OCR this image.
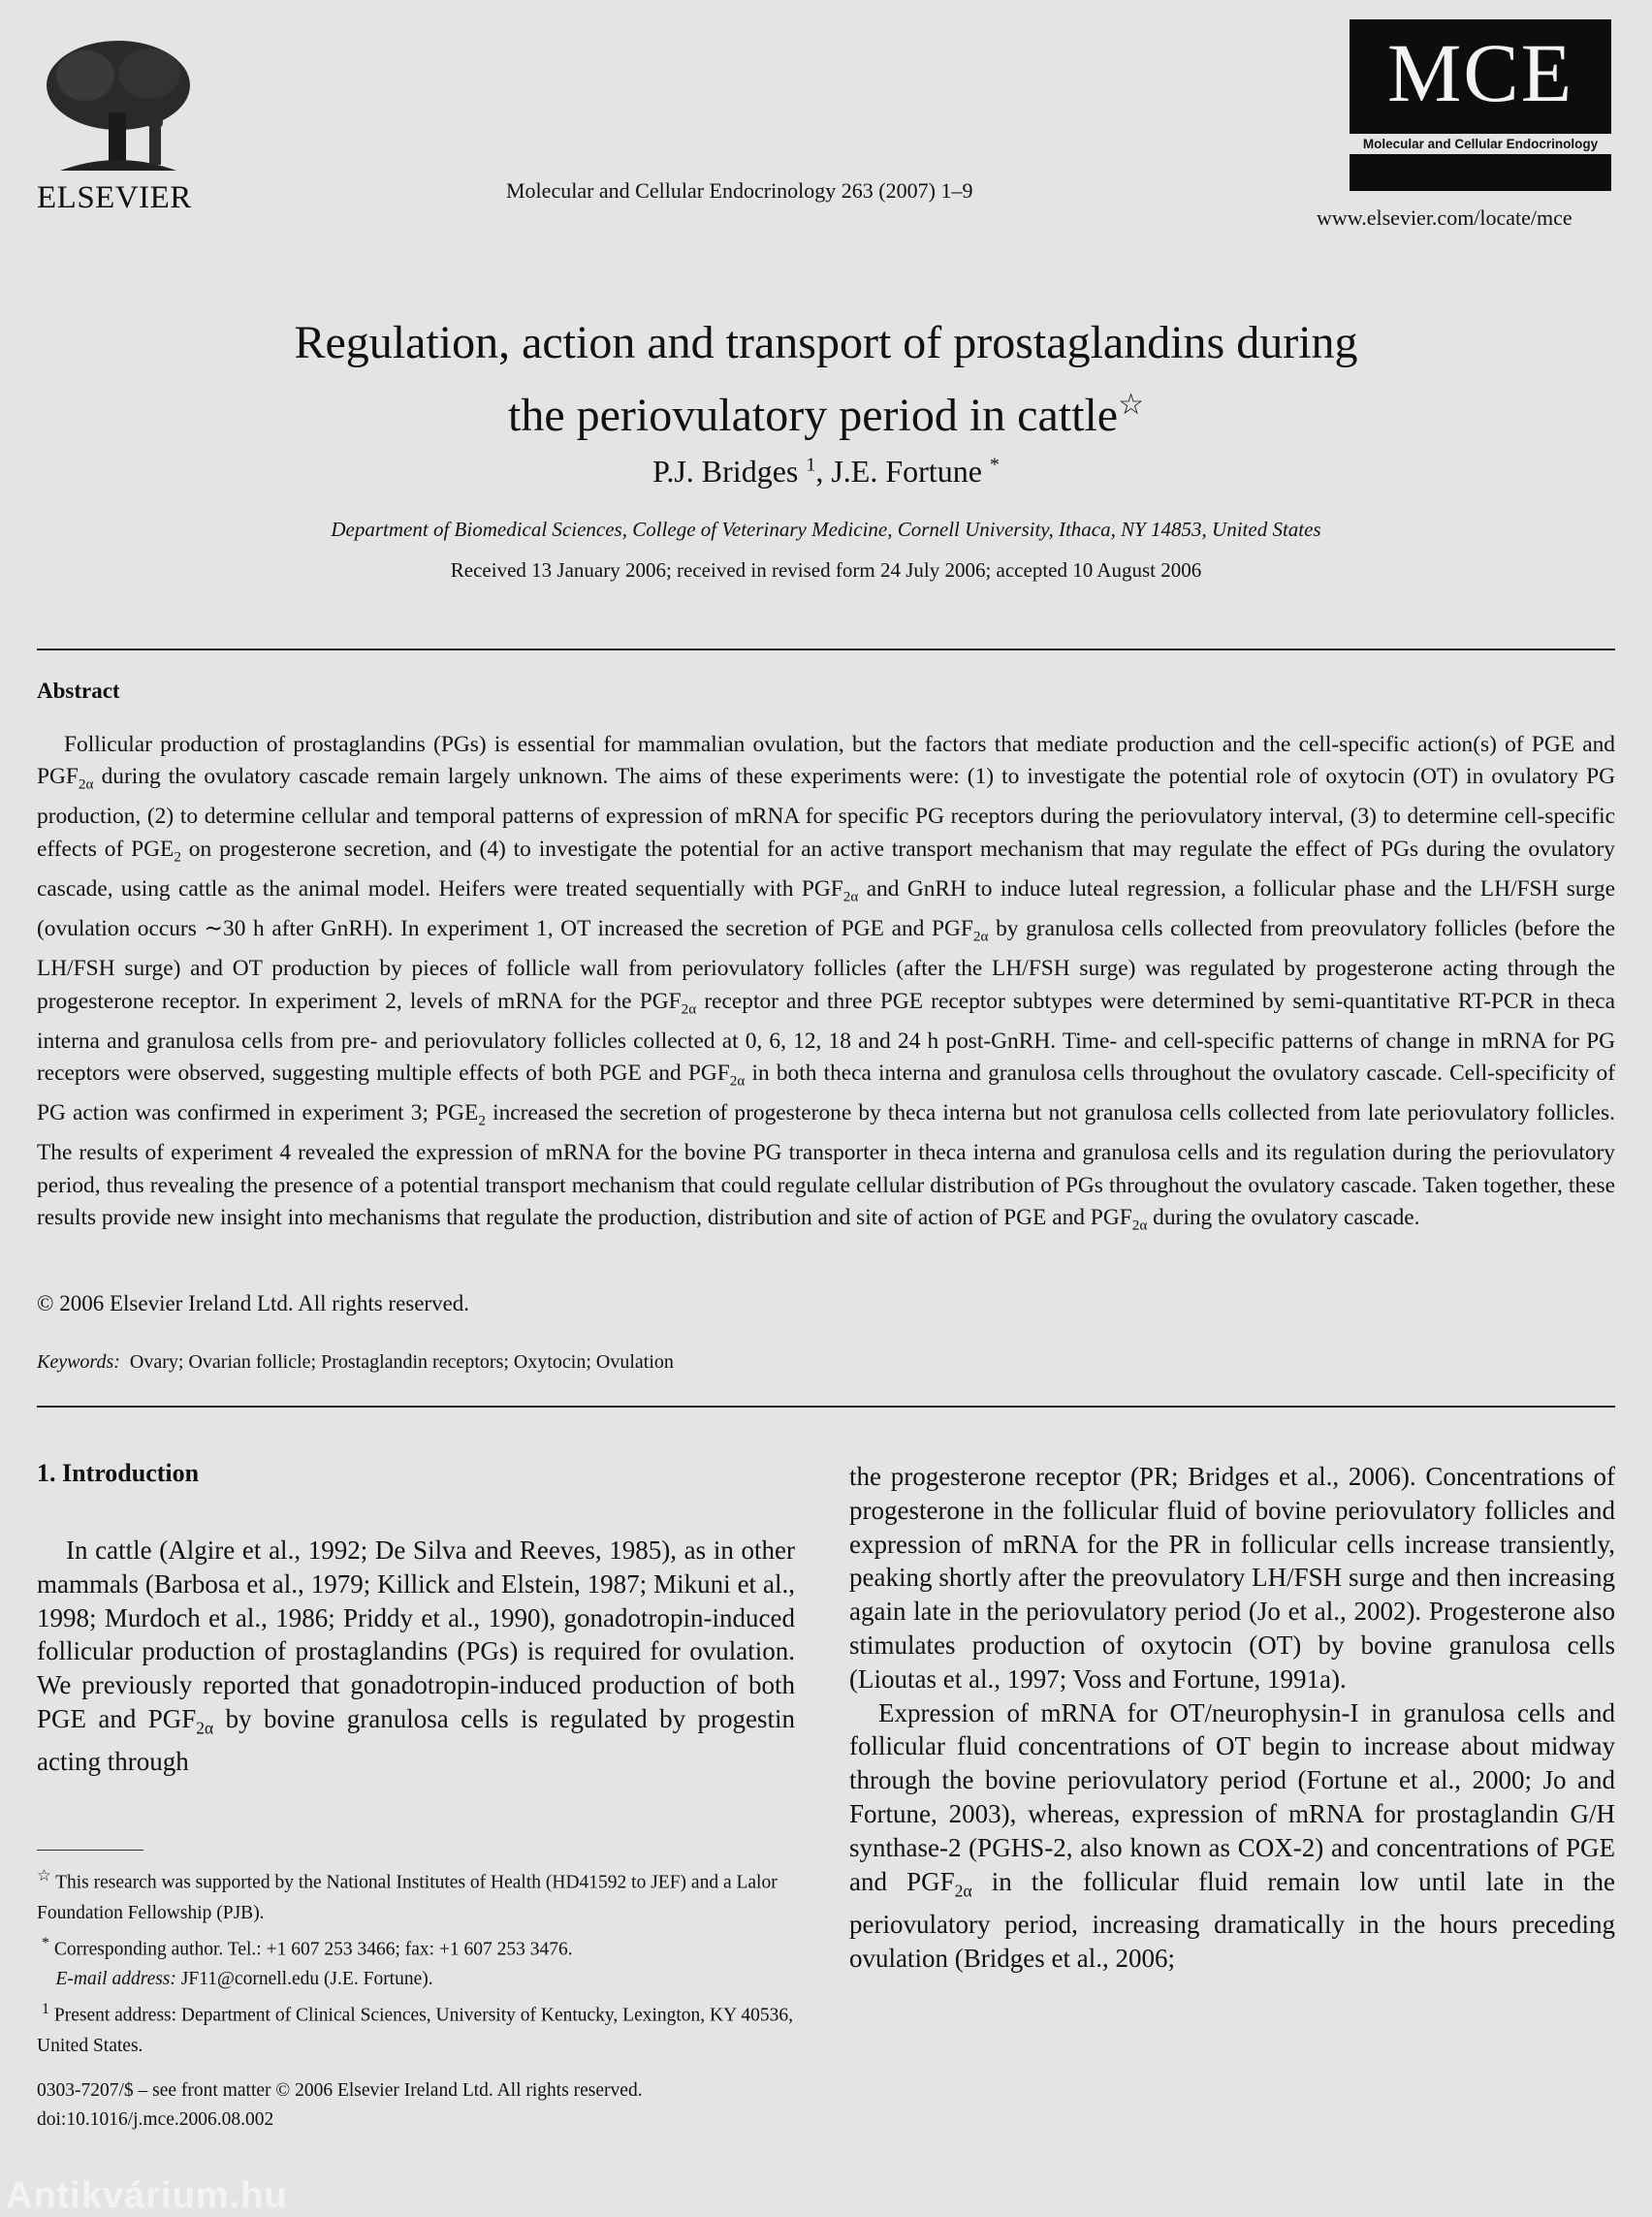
ELSEVIER	Molecular and Cellular Endocrinology 263 (2007) 1–9
MCE
Molecular and Cellular Endocrinology
www.elsevier.com/locate/mce
Regulation, action and transport of prostaglandins during
the periovulatory period in cattle☆
P.J. Bridges $^1$, J.E. Fortune *
Department of Biomedical Sciences, College of Veterinary Medicine, Cornell University, Ithaca, NY 14853, United States
Received 13 January 2006; received in revised form 24 July 2006; accepted 10 August 2006
Abstract

Follicular production of prostaglandins (PGs) is essential for mammalian ovulation, but the factors that mediate production and the cell-specific action(s) of PGE and $PGF_{2\alpha}$ during the ovulatory cascade remain largely unknown. The aims of these experiments were: (1) to investigate the potential role of oxytocin (OT) in ovulatory PG production, (2) to determine cellular and temporal patterns of expression of mRNA for specific PG receptors during the periovulatory interval, (3) to determine cell-specific effects of $PGE_2$ on progesterone secretion, and (4) to investigate the potential for an active transport mechanism that may regulate the effect of PGs during the ovulatory cascade, using cattle as the animal model. Heifers were treated sequentially with $PGF_{2\alpha}$ and GnRH to induce luteal regression, a follicular phase and the LH/FSH surge (ovulation occurs ∼30 h after GnRH). In experiment 1, OT increased the secretion of PGE and $PGF_{2\alpha}$ by granulosa cells collected from preovulatory follicles (before the LH/FSH surge) and OT production by pieces of follicle wall from periovulatory follicles (after the LH/FSH surge) was regulated by progesterone acting through the progesterone receptor. In experiment 2, levels of mRNA for the $PGF_{2\alpha}$ receptor and three PGE receptor subtypes were determined by semi-quantitative RT-PCR in theca interna and granulosa cells from pre- and periovulatory follicles collected at 0, 6, 12, 18 and 24 h post-GnRH. Time- and cell-specific patterns of change in mRNA for PG receptors were observed, suggesting multiple effects of both PGE and $PGF_{2\alpha}$ in both theca interna and granulosa cells throughout the ovulatory cascade. Cell-specificity of PG action was confirmed in experiment 3; $PGE_2$ increased the secretion of progesterone by theca interna but not granulosa cells collected from late periovulatory follicles. The results of experiment 4 revealed the expression of mRNA for the bovine PG transporter in theca interna and granulosa cells and its regulation during the periovulatory period, thus revealing the presence of a potential transport mechanism that could regulate cellular distribution of PGs throughout the ovulatory cascade. Taken together, these results provide new insight into mechanisms that regulate the production, distribution and site of action of PGE and $PGF_{2\alpha}$ during the ovulatory cascade.

© 2006 Elsevier Ireland Ltd. All rights reserved.
Keywords: Ovary; Ovarian follicle; Prostaglandin receptors; Oxytocin; Ovulation
1. Introduction

In cattle (Algire et al., 1992; De Silva and Reeves, 1985), as in other mammals (Barbosa et al., 1979; Killick and Elstein, 1987; Mikuni et al., 1998; Murdoch et al., 1986; Priddy et al., 1990), gonadotropin-induced follicular production of prostaglandins (PGs) is required for ovulation. We previously reported that gonadotropin-induced production of both PGE and $PGF_{2\alpha}$ by bovine granulosa cells is regulated by progestin acting through

the progesterone receptor (PR; Bridges et al., 2006). Concentrations of progesterone in the follicular fluid of bovine periovulatory follicles and expression of mRNA for the PR in follicular cells increase transiently, peaking shortly after the preovulatory LH/FSH surge and then increasing again late in the periovulatory period (Jo et al., 2002). Progesterone also stimulates production of oxytocin (OT) by bovine granulosa cells (Lioutas et al., 1997; Voss and Fortune, 1991a).

Expression of mRNA for OT/neurophysin-I in granulosa cells and follicular fluid concentrations of OT begin to increase about midway through the bovine periovulatory period (Fortune et al., 2000; Jo and Fortune, 2003), whereas, expression of mRNA for prostaglandin G/H synthase-2 (PGHS-2, also known as COX-2) and concentrations of PGE and $PGF_{2\alpha}$ in the follicular fluid remain low until late in the periovulatory period, increasing dramatically in the hours preceding ovulation (Bridges et al., 2006;

☆ This research was supported by the National Institutes of Health (HD41592 to JEF) and a Lalor Foundation Fellowship (PJB).

* Corresponding author. Tel.: +1 607 253 3466; fax: +1 607 253 3476.

E-mail address: JF11@cornell.edu (J.E. Fortune).

$^1$ Present address: Department of Clinical Sciences, University of Kentucky, Lexington, KY 40536, United States.

0303-7207/$ – see front matter © 2006 Elsevier Ireland Ltd. All rights reserved.
doi:10.1016/j.mce.2006.08.002
Antikvárium.hu
